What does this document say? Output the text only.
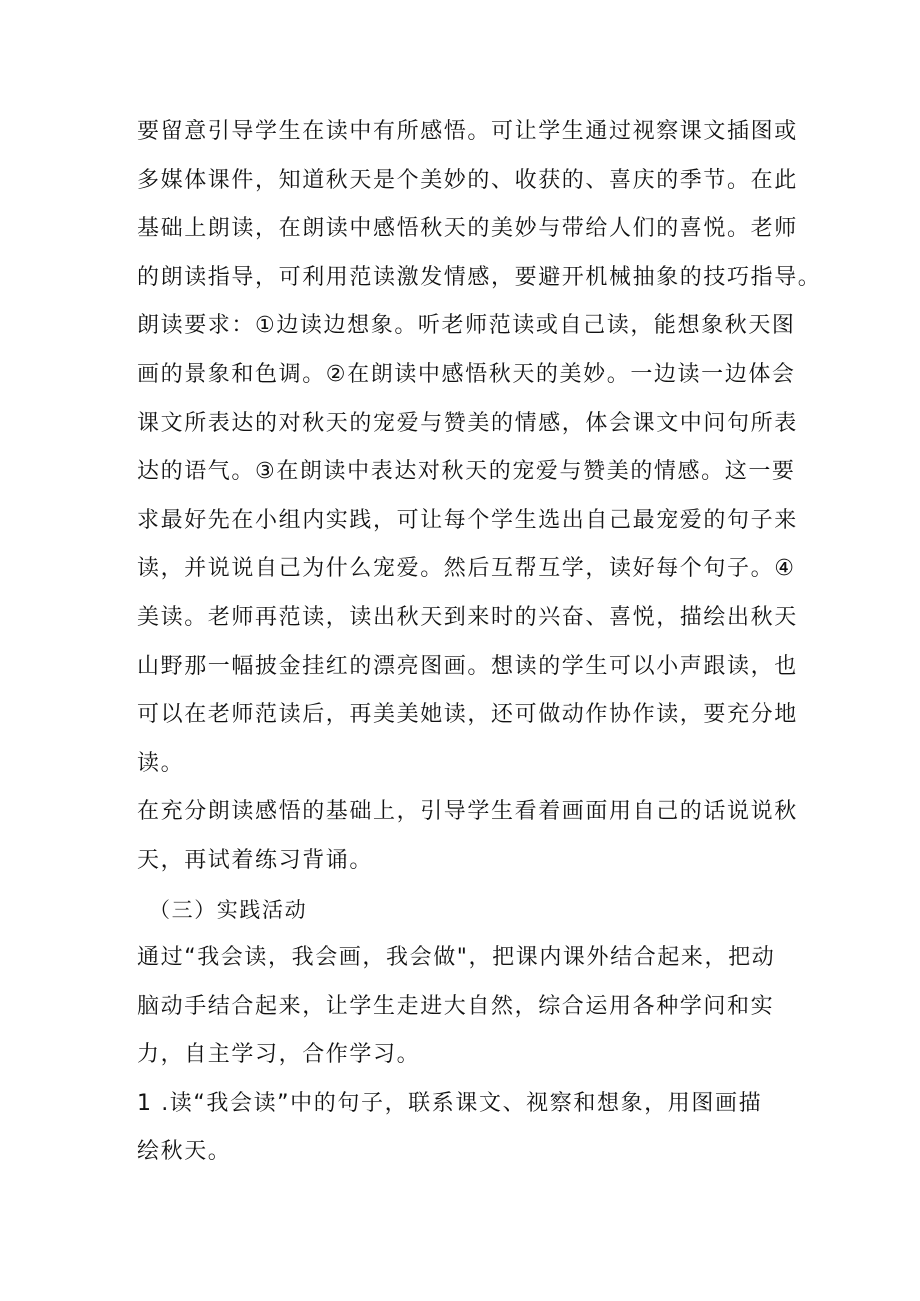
要留意引导学生在读中有所感悟。可让学生通过视察课文插图或
多媒体课件，知道秋天是个美妙的、收获的、喜庆的季节。在此
基础上朗读，在朗读中感悟秋天的美妙与带给人们的喜悦。老师
的朗读指导，可利用范读激发情感，要避开机械抽象的技巧指导。
朗读要求：①边读边想象。听老师范读或自己读，能想象秋天图
画的景象和色调。②在朗读中感悟秋天的美妙。一边读一边体会
课文所表达的对秋天的宠爱与赞美的情感，体会课文中问句所表
达的语气。③在朗读中表达对秋天的宠爱与赞美的情感。这一要
求最好先在小组内实践，可让每个学生选出自己最宠爱的句子来
读，并说说自己为什么宠爱。然后互帮互学，读好每个句子。④
美读。老师再范读，读出秋天到来时的兴奋、喜悦，描绘出秋天
山野那一幅披金挂红的漂亮图画。想读的学生可以小声跟读，也
可以在老师范读后，再美美她读，还可做动作协作读，要充分地
读。

在充分朗读感悟的基础上，引导学生看着画面用自己的话说说秋
天，再试着练习背诵。

（三）实践活动

通过“我会读，我会画，我会做"，把课内课外结合起来，把动
脑动手结合起来，让学生走进大自然，综合运用各种学问和实
力，自主学习，合作学习。

1 .读“我会读”中的句子，联系课文、视察和想象，用图画描
绘秋天。
